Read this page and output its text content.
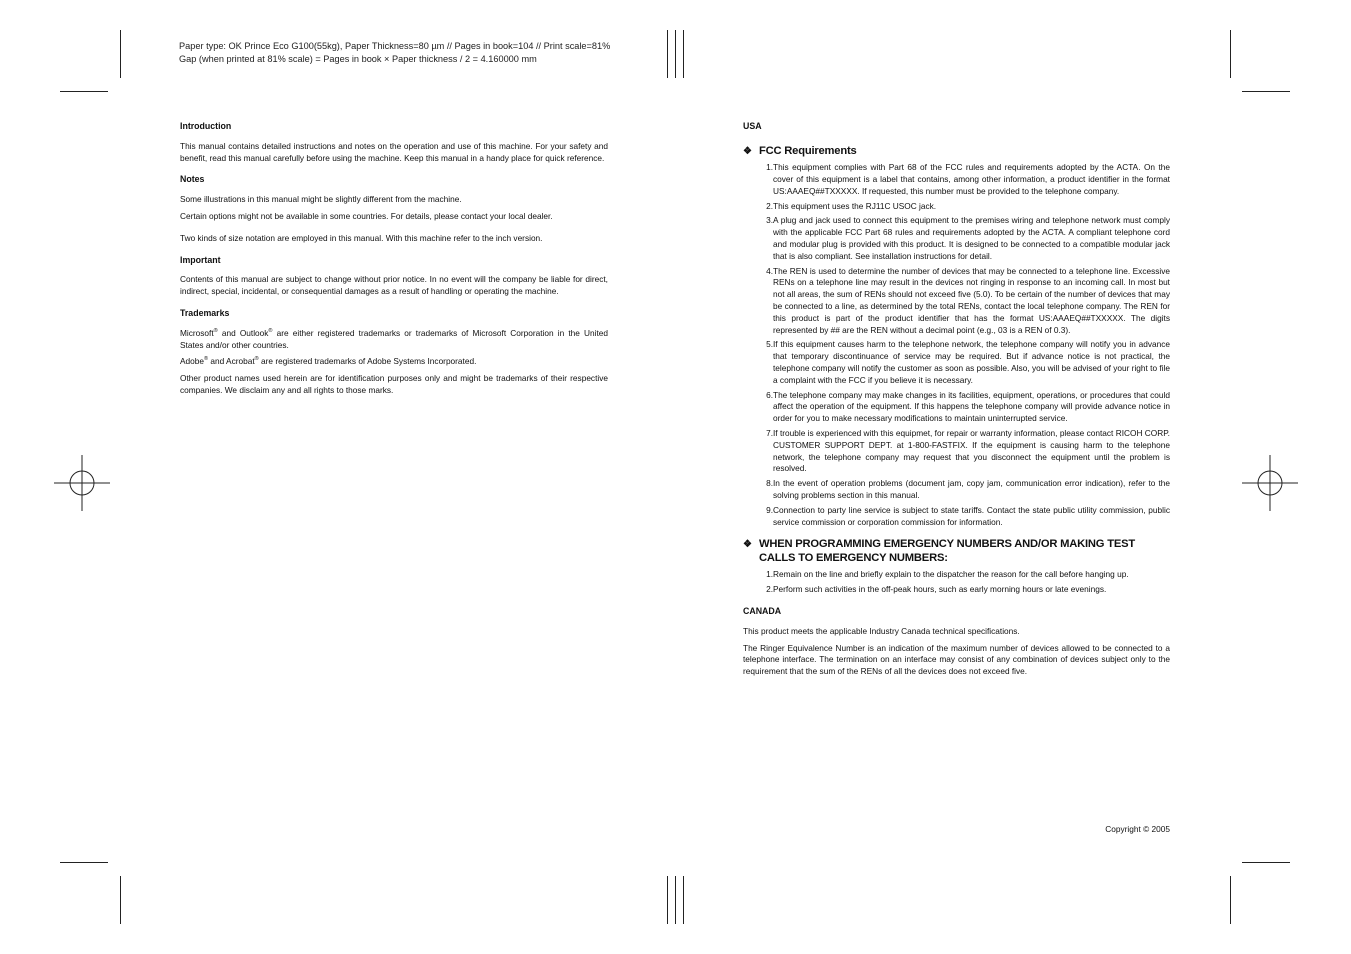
Paper type: OK Prince Eco G100(55kg), Paper Thickness=80 µm // Pages in book=104 // Print scale=81%
Gap (when printed at 81% scale) = Pages in book × Paper thickness / 2 = 4.160000 mm
Introduction

This manual contains detailed instructions and notes on the operation and use of this machine. For your safety and benefit, read this manual carefully before using the machine. Keep this manual in a handy place for quick reference.

Notes

Some illustrations in this manual might be slightly different from the machine.

Certain options might not be available in some countries. For details, please contact your local dealer.

Two kinds of size notation are employed in this manual. With this machine refer to the inch version.

Important

Contents of this manual are subject to change without prior notice. In no event will the company be liable for direct, indirect, special, incidental, or consequential damages as a result of handling or operating the machine.

Trademarks

Microsoft® and Outlook® are either registered trademarks or trademarks of Microsoft Corporation in the United States and/or other countries.

Adobe® and Acrobat® are registered trademarks of Adobe Systems Incorporated.

Other product names used herein are for identification purposes only and might be trademarks of their respective companies. We disclaim any and all rights to those marks.

USA
❖ FCC Requirements
1. This equipment complies with Part 68 of the FCC rules and requirements adopted by the ACTA. On the cover of this equipment is a label that contains, among other information, a product identifier in the format US:AAAEQ##TXXXXX. If requested, this number must be provided to the telephone company.
2. This equipment uses the RJ11C USOC jack.
3. A plug and jack used to connect this equipment to the premises wiring and telephone network must comply with the applicable FCC Part 68 rules and requirements adopted by the ACTA. A compliant telephone cord and modular plug is provided with this product. It is designed to be connected to a compatible modular jack that is also compliant. See installation instructions for detail.
4. The REN is used to determine the number of devices that may be connected to a telephone line. Excessive RENs on a telephone line may result in the devices not ringing in response to an incoming call. In most but not all areas, the sum of RENs should not exceed five (5.0). To be certain of the number of devices that may be connected to a line, as determined by the total RENs, contact the local telephone company. The REN for this product is part of the product identifier that has the format US:AAAEQ##TXXXXX. The digits represented by ## are the REN without a decimal point (e.g., 03 is a REN of 0.3).
5. If this equipment causes harm to the telephone network, the telephone company will notify you in advance that temporary discontinuance of service may be required. But if advance notice is not practical, the telephone company will notify the customer as soon as possible. Also, you will be advised of your right to file a complaint with the FCC if you believe it is necessary.
6. The telephone company may make changes in its facilities, equipment, operations, or procedures that could affect the operation of the equipment. If this happens the telephone company will provide advance notice in order for you to make necessary modifications to maintain uninterrupted service.
7. If trouble is experienced with this equipmet, for repair or warranty information, please contact RICOH CORP. CUSTOMER SUPPORT DEPT. at 1-800-FASTFIX. If the equipment is causing harm to the telephone network, the telephone company may request that you disconnect the equipment until the problem is resolved.
8. In the event of operation problems (document jam, copy jam, communication error indication), refer to the solving problems section in this manual.
9. Connection to party line service is subject to state tariffs. Contact the state public utility commission, public service commission or corporation commission for information.
❖ WHEN PROGRAMMING EMERGENCY NUMBERS AND/OR MAKING TEST CALLS TO EMERGENCY NUMBERS:
1. Remain on the line and briefly explain to the dispatcher the reason for the call before hanging up.
2. Perform such activities in the off-peak hours, such as early morning hours or late evenings.
CANADA

This product meets the applicable Industry Canada technical specifications.

The Ringer Equivalence Number is an indication of the maximum number of devices allowed to be connected to a telephone interface. The termination on an interface may consist of any combination of devices subject only to the requirement that the sum of the RENs of all the devices does not exceed five.

Copyright © 2005
